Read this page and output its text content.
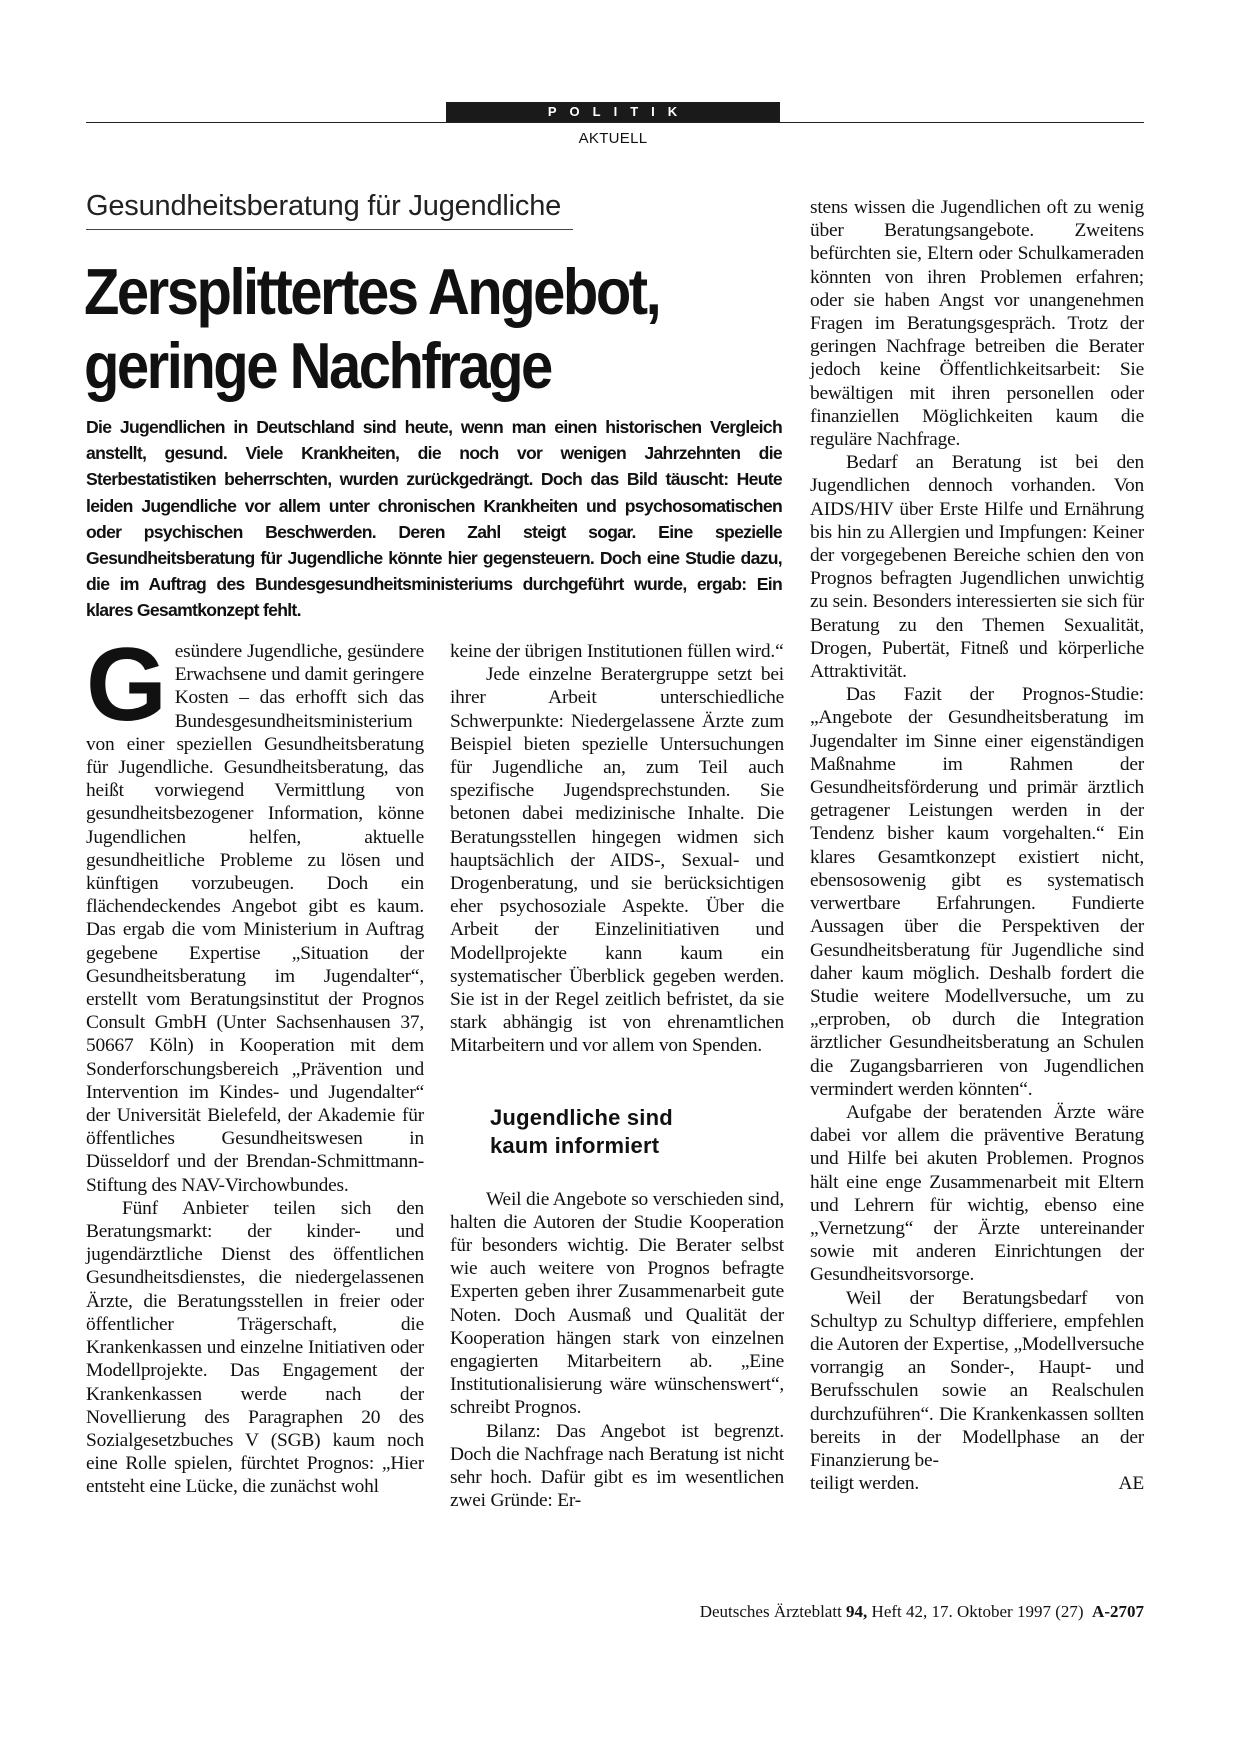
POLITIK
AKTUELL
Gesundheitsberatung für Jugendliche
Zersplittertes Angebot,
geringe Nachfrage
Die Jugendlichen in Deutschland sind heute, wenn man einen historischen Vergleich anstellt, gesund. Viele Krankheiten, die noch vor wenigen Jahrzehnten die Sterbestatistiken beherrschten, wurden zurückgedrängt. Doch das Bild täuscht: Heute leiden Jugendliche vor allem unter chronischen Krankheiten und psychosomatischen oder psychischen Beschwerden. Deren Zahl steigt sogar. Eine spezielle Gesundheitsberatung für Jugendliche könnte hier gegensteuern. Doch eine Studie dazu, die im Auftrag des Bundesgesundheitsministeriums durchgeführt wurde, ergab: Ein klares Gesamtkonzept fehlt.

Gesündere Jugendliche, gesündere Erwachsene und damit geringere Kosten – das erhofft sich das Bundesgesundheitsministerium von einer speziellen Gesundheitsberatung für Jugendliche. Gesundheitsberatung, das heißt vorwiegend Vermittlung von gesundheitsbezogener Information, könne Jugendlichen helfen, aktuelle gesundheitliche Probleme zu lösen und künftigen vorzubeugen. Doch ein flächendeckendes Angebot gibt es kaum. Das ergab die vom Ministerium in Auftrag gegebene Expertise „Situation der Gesundheitsberatung im Jugendalter“, erstellt vom Beratungsinstitut der Prognos Consult GmbH (Unter Sachsenhausen 37, 50667 Köln) in Kooperation mit dem Sonderforschungsbereich „Prävention und Intervention im Kindes- und Jugendalter“ der Universität Bielefeld, der Akademie für öffentliches Gesundheitswesen in Düsseldorf und der Brendan-Schmittmann-Stiftung des NAV-Virchowbundes.

Fünf Anbieter teilen sich den Beratungsmarkt: der kinder- und jugendärztliche Dienst des öffentlichen Gesundheitsdienstes, die niedergelassenen Ärzte, die Beratungsstellen in freier oder öffentlicher Trägerschaft, die Krankenkassen und einzelne Initiativen oder Modellprojekte. Das Engagement der Krankenkassen werde nach der Novellierung des Paragraphen 20 des Sozialgesetzbuches V (SGB) kaum noch eine Rolle spielen, fürchtet Prognos: „Hier entsteht eine Lücke, die zunächst wohl

keine der übrigen Institutionen füllen wird.“

Jede einzelne Beratergruppe setzt bei ihrer Arbeit unterschiedliche Schwerpunkte: Niedergelassene Ärzte zum Beispiel bieten spezielle Untersuchungen für Jugendliche an, zum Teil auch spezifische Jugendsprechstunden. Sie betonen dabei medizinische Inhalte. Die Beratungsstellen hingegen widmen sich hauptsächlich der AIDS-, Sexual- und Drogenberatung, und sie berücksichtigen eher psychosoziale Aspekte. Über die Arbeit der Einzelinitiativen und Modellprojekte kann kaum ein systematischer Überblick gegeben werden. Sie ist in der Regel zeitlich befristet, da sie stark abhängig ist von ehrenamtlichen Mitarbeitern und vor allem von Spenden.

Jugendliche sind
kaum informiert

Weil die Angebote so verschieden sind, halten die Autoren der Studie Kooperation für besonders wichtig. Die Berater selbst wie auch weitere von Prognos befragte Experten geben ihrer Zusammenarbeit gute Noten. Doch Ausmaß und Qualität der Kooperation hängen stark von einzelnen engagierten Mitarbeitern ab. „Eine Institutionalisierung wäre wünschenswert“, schreibt Prognos.

Bilanz: Das Angebot ist begrenzt. Doch die Nachfrage nach Beratung ist nicht sehr hoch. Dafür gibt es im wesentlichen zwei Gründe: Er-

stens wissen die Jugendlichen oft zu wenig über Beratungsangebote. Zweitens befürchten sie, Eltern oder Schulkameraden könnten von ihren Problemen erfahren; oder sie haben Angst vor unangenehmen Fragen im Beratungsgespräch. Trotz der geringen Nachfrage betreiben die Berater jedoch keine Öffentlichkeitsarbeit: Sie bewältigen mit ihren personellen oder finanziellen Möglichkeiten kaum die reguläre Nachfrage.

Bedarf an Beratung ist bei den Jugendlichen dennoch vorhanden. Von AIDS/HIV über Erste Hilfe und Ernährung bis hin zu Allergien und Impfungen: Keiner der vorgegebenen Bereiche schien den von Prognos befragten Jugendlichen unwichtig zu sein. Besonders interessierten sie sich für Beratung zu den Themen Sexualität, Drogen, Pubertät, Fitneß und körperliche Attraktivität.

Das Fazit der Prognos-Studie: „Angebote der Gesundheitsberatung im Jugendalter im Sinne einer eigenständigen Maßnahme im Rahmen der Gesundheitsförderung und primär ärztlich getragener Leistungen werden in der Tendenz bisher kaum vorgehalten.“ Ein klares Gesamtkonzept existiert nicht, ebensosowenig gibt es systematisch verwertbare Erfahrungen. Fundierte Aussagen über die Perspektiven der Gesundheitsberatung für Jugendliche sind daher kaum möglich. Deshalb fordert die Studie weitere Modellversuche, um zu „erproben, ob durch die Integration ärztlicher Gesundheitsberatung an Schulen die Zugangsbarrieren von Jugendlichen vermindert werden könnten“.

Aufgabe der beratenden Ärzte wäre dabei vor allem die präventive Beratung und Hilfe bei akuten Problemen. Prognos hält eine enge Zusammenarbeit mit Eltern und Lehrern für wichtig, ebenso eine „Vernetzung“ der Ärzte untereinander sowie mit anderen Einrichtungen der Gesundheitsvorsorge.

Weil der Beratungsbedarf von Schultyp zu Schultyp differiere, empfehlen die Autoren der Expertise, „Modellversuche vorrangig an Sonder-, Haupt- und Berufsschulen sowie an Realschulen durchzuführen“. Die Krankenkassen sollten bereits in der Modellphase an der Finanzierung be-

teiligt werden.	AE

Deutsches Ärzteblatt 94, Heft 42, 17. Oktober 1997 (27) A-2707
